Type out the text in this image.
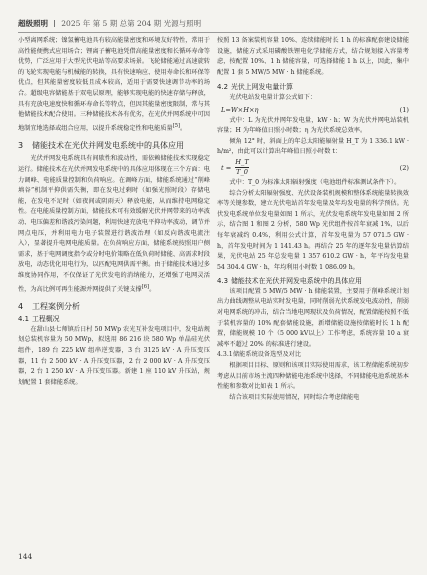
超级照明 2025 年 第 5 期 总第 204 期 光源与照明

小型离网系统；镍氢蓄电池具有较高能量密度和环境友好特性，常用于高性能便携式应用场合；锂离子蓄电池凭借高能量密度和长循环寿命等优势，广泛应用于大型光伏电站等高要求场景。飞轮储能通过高速旋转的飞轮实现电能与机械能的转换，具有快速响应、使用寿命长和环保等优点，但其能量密度较低且成本较高，适用于需要快速调节功率的场合。超级电容储能基于双电层原理，能够实现电能的快速存储与释放，具有充放电速度快和循环寿命长等特点，但因其能量密度限制，常与其他储能技术配合使用。三种储能技术各有优劣，在光伏并网系统中可因地制宜地选择或组合应用，以提升系统稳定性和电能质量[5]。

3 储能技术在光伏并网发电系统中的具体应用

光伏并网发电系统具有间歇性和波动性，需依赖储能技术实现稳定运行。储能技术在光伏并网发电系统中的具体应用体现在三个方面：电力调峰、电能质量控制和负荷响应。在调峰方面，储能系统通过“削峰填谷”机制平抑供需失衡，即在发电过剩时（如强光照时段）存储电能，在发电不足时（如夜间或阴雨天）释放电能，从而维持电网稳定性。在电能质量控制方面，储能技术可有效缓解光伏并网带来的功率波动、电压偏差和谐波污染问题，利用快速充放电平抑功率波动，调节并网点电压，并利用电力电子装置进行谐波治理（如反向谐波电流注入），显著提升电网电能质量。在负荷响应方面，储能系统按照用户侧需求，基于电网调度指令或分时电价策略在低负荷时储能、高需求时段放电，动态优化用电行为，以匹配电网供需平衡。由于储能技术通过多维度协同作用，不仅保证了光伏发电的消纳能力，还增强了电网灵活性，为高比例可再生能源并网提供了关键支撑[6]。

4 工程案例分析
4.1 工程概况

在甜山县七师镇后日村 50 MWp 农光互补发电项目中，发电站规划总装机容量为 50 MWp，拟选用 86 216 块 580 Wp 单晶硅光伏组件，189 台 225 kW 组串逆变器，3 台 3125 kV · A 升压变压器，11 台 2 500 kV · A 升压变压器，2 台 2 000 kV · A 升压变压器，2 台 1 250 kV · A 升压变压器。新建 1 座 110 kV 升压站，规划配置 1 套储能系统。

按照 13 备案装机容量 10%、连续储能时长 1 h 的标准配套建设储能设施，储能方式采用磷酸铁锂电化学储能方式，结合规划接入容量考虑，按配置 10%、1 h 储能容量，可选择储能 1 h 以上，因此，集中配置 1 套 5 MW/5 MW · h 储能系统。

4.2 光伏上网发电量计算

光伏电站发电量计算公式如下：

L=W×H×η	(1)

式中：L 为光伏并网年发电量，kW · h；W 为光伏并网电站装机容量；H 为年峰值日照小时数；η 为光伏系统总效率。

倾角 12° 时，斜面上的年总太阳能辐射量 H_T 为 1 336.1 kW · h/m²，由此可以计算出年峰值日照小时数 t：

$t = \frac{H\_T}{T\_0}$	(2)

式中：T_0 为标准太阳辐射强度（电池组件标准测试条件下）。

综合分析太阳辐射强度、光伏设备装机规模和整体系统能量转换效率等关键参数，建立光伏电站首年发电量及年均发电量的科学预估。光伏发电系统单位发电量如图 1 所示，光伏发电系统年发电量如图 2 所示，结合图 1 和图 2 分析，580 Wp 光伏组件按首年衰减 1%，以后每年衰减约 0.4%，利用公式计算，首年发电量为 57 071.5 GW · h，首年发电时间为 1 141.43 h。再结合 25 年的逐年发电量估算结果，光伏电站 25 年总发电量 1 357 610.2 GW · h，年平均发电量 54 304.4 GW · h，年均利用小时数 1 086.09 h。

4.3 储能技术在光伏并网发电系统中的具体应用

该项目配置 5 MW/5 MW · h 储能装置，主要用于削峰系统计划出力曲线调整从电站实时发电量，同时削弱光伏系统发电波动性，削弱对电网系统的冲击，结合当地电网现状及负荷情况，配置储能按照不低于装机容量的 10% 配套储能设施，新增储能设施按储能时长 1 h 配置，储能规模 10 个（5 000 kV以上）工作考虑，系统容量 10 a 衰减率不超过 20% 的标准进行建设。

4.3.1储能系统设备选型及对比

根据项目目标、原则和该项目实际使用需求，该工程储能系统初步考虑从目前市场主流四种储能电池系统中选择，不同储能电池系统基本性能和参数对比如表 1 所示。

结合该项目实际使用情况，同时综合考虑储能电

144
